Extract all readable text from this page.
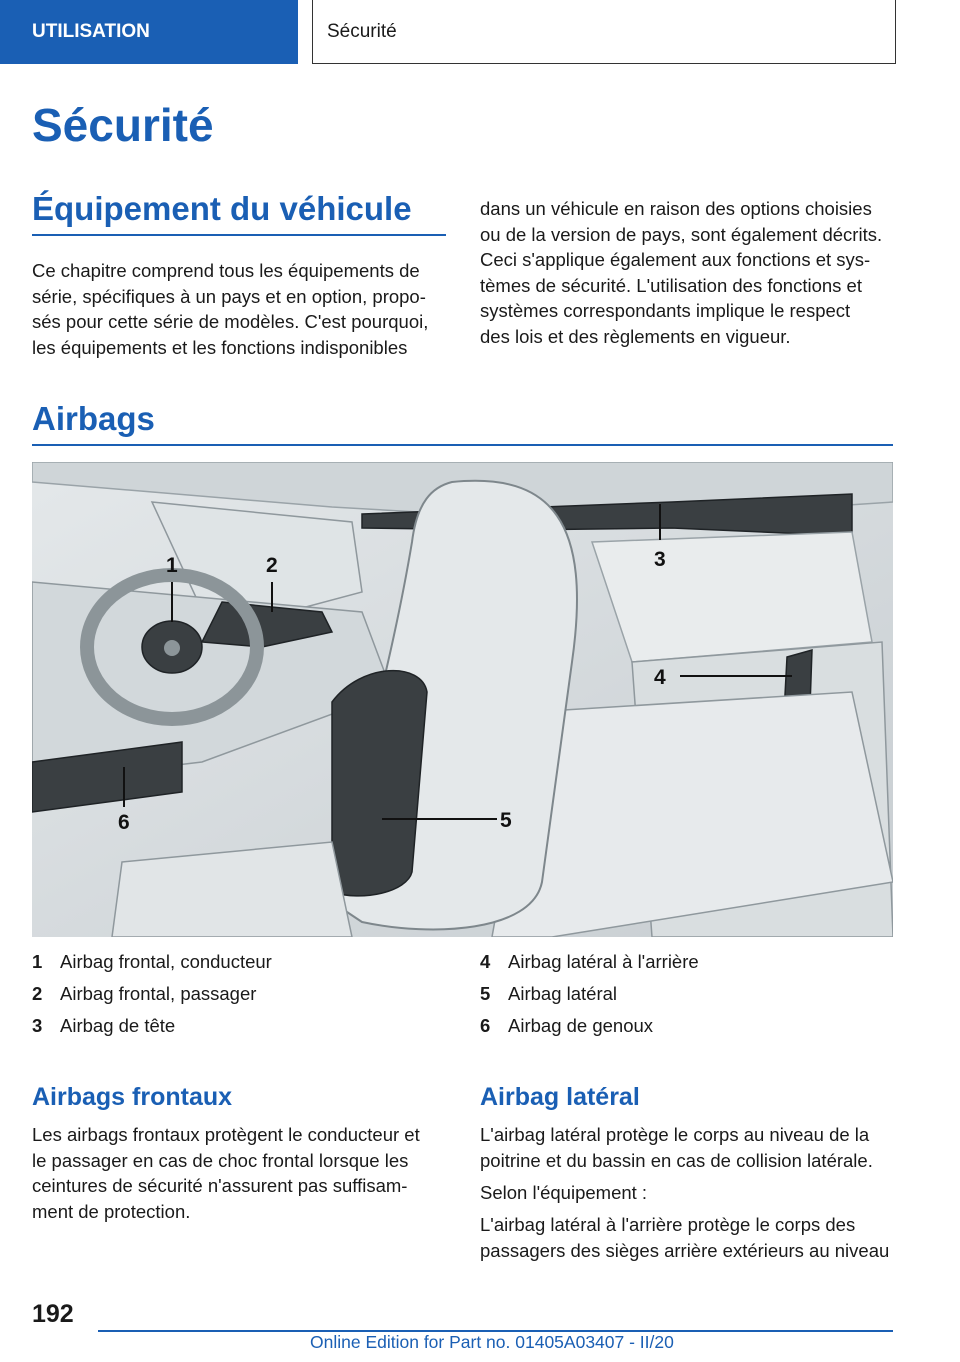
UTILISATION	Sécurité
Sécurité
Équipement du véhicule
Ce chapitre comprend tous les équipements de
série, spécifiques à un pays et en option, propo-
sés pour cette série de modèles. C'est pourquoi,
les équipements et les fonctions indisponibles
dans un véhicule en raison des options choisies
ou de la version de pays, sont également décrits.
Ceci s'applique également aux fonctions et sys-
tèmes de sécurité. L'utilisation des fonctions et
systèmes correspondants implique le respect
des lois et des règlements en vigueur.
Airbags
1	2	3
4
5
6
1 Airbag frontal, conducteur
2 Airbag frontal, passager
3 Airbag de tête
4 Airbag latéral à l'arrière
5 Airbag latéral
6 Airbag de genoux
Airbags frontaux
Les airbags frontaux protègent le conducteur et
le passager en cas de choc frontal lorsque les
ceintures de sécurité n'assurent pas suffisam-
ment de protection.
Airbag latéral
L'airbag latéral protège le corps au niveau de la
poitrine et du bassin en cas de collision latérale.
Selon l'équipement :
L'airbag latéral à l'arrière protège le corps des
passagers des sièges arrière extérieurs au niveau
192
Online Edition for Part no. 01405A03407 - II/20
